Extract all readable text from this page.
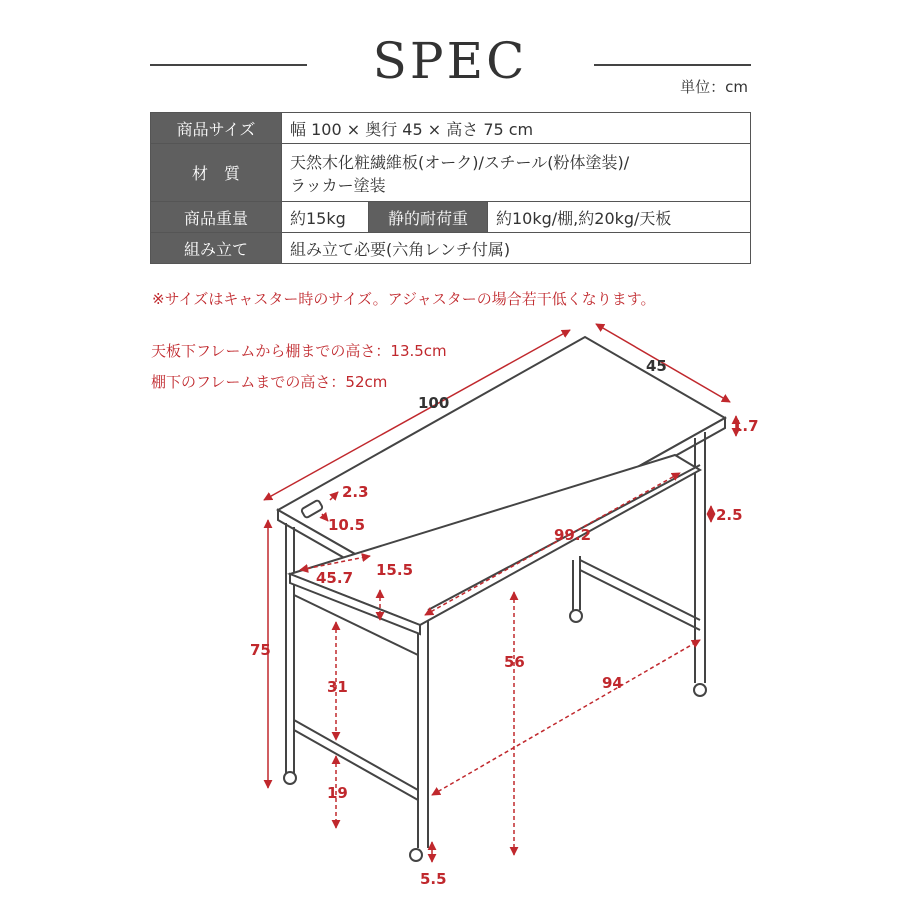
SPEC	単位：cm
商品サイズ	幅 100 × 奥行 45 × 高さ 75 cm		
材　質	天然木化粧繊維板(オーク)/スチール(粉体塗装)/
ラッカー塗装		

商品重量	約15kg	静的耐荷重	約10kg/棚,約20kg/天板
組み立て	組み立て必要(六角レンチ付属)		
※サイズはキャスター時のサイズ。アジャスターの場合若干低くなります。
天板下フレームから棚までの高さ：13.5cm
棚下のフレームまでの高さ：52cm
100
45
1.7
2.3
10.5
2.5
99.2
45.7 15.5
75
31
19
56
94
5.5
